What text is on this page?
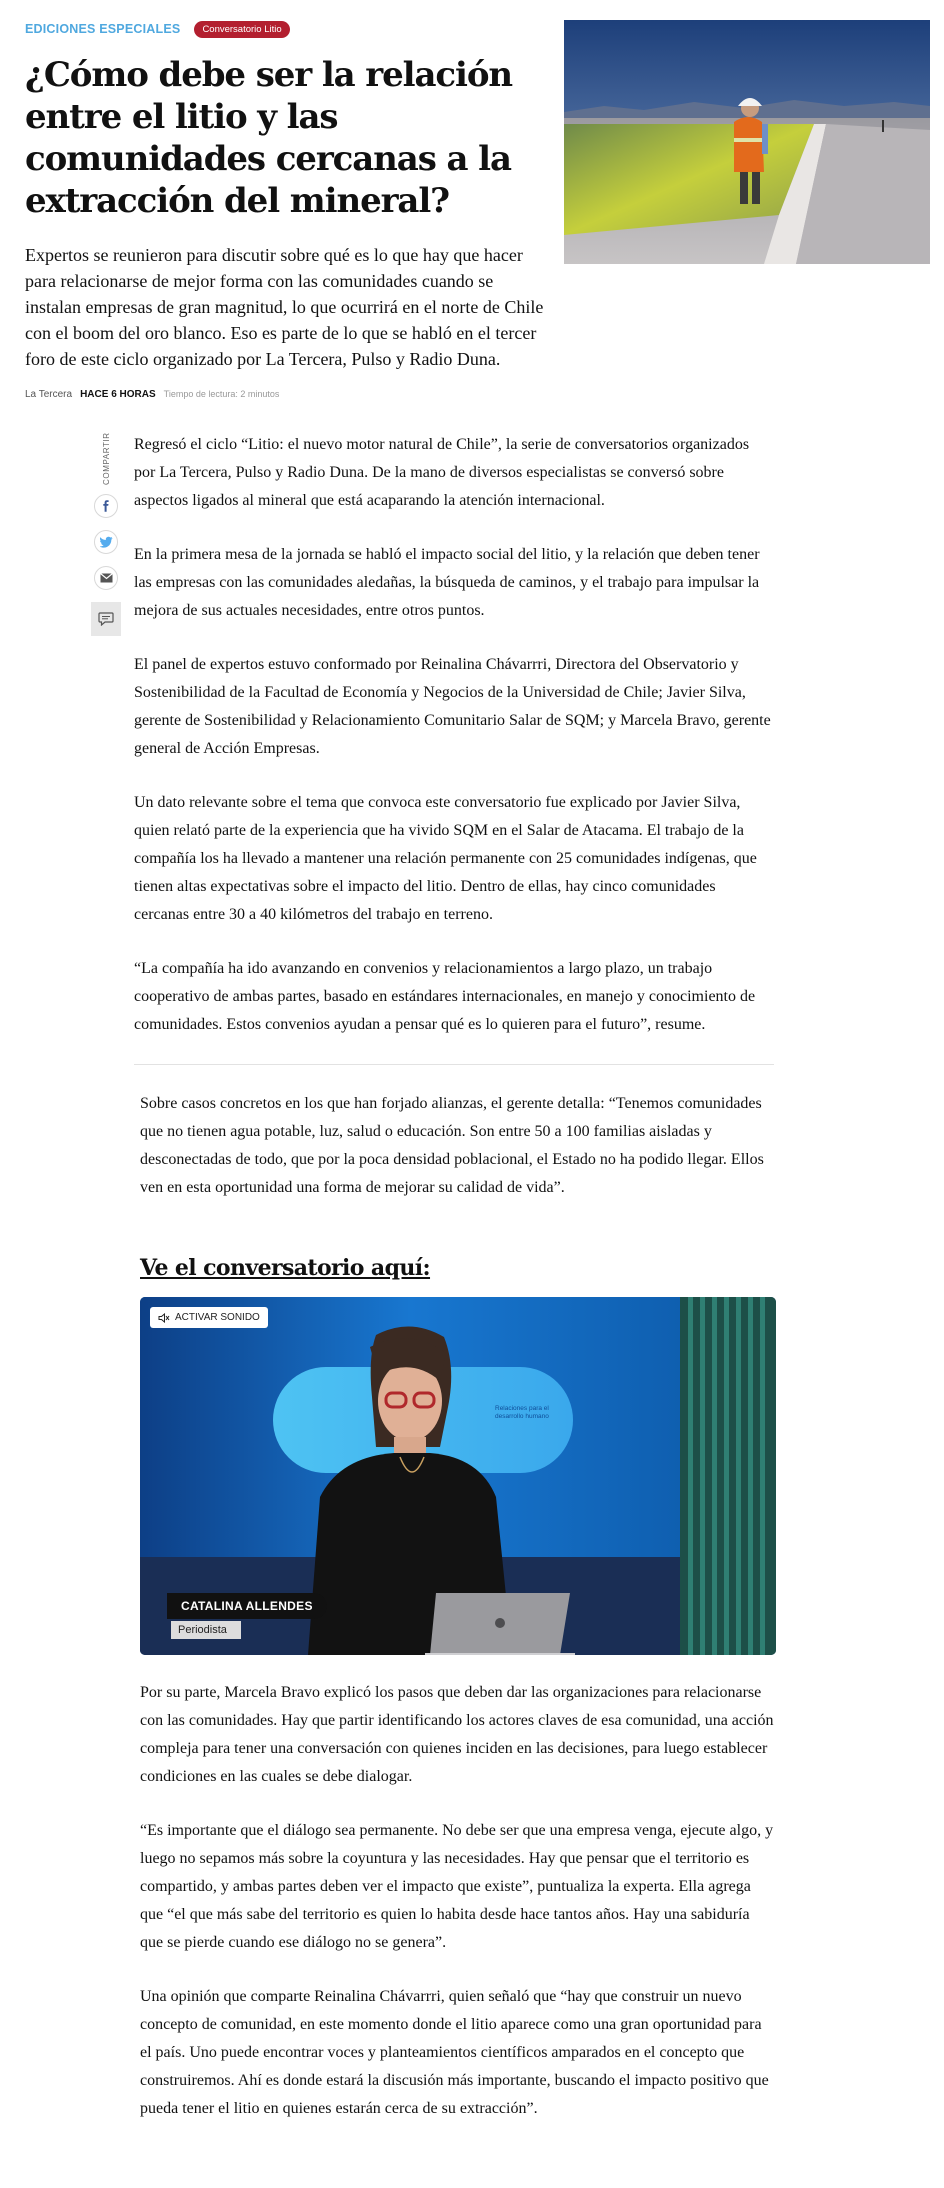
EDICIONES ESPECIALES	Conversatorio Litio
¿Cómo debe ser la relación entre el litio y las comunidades cercanas a la extracción del mineral?

Expertos se reunieron para discutir sobre qué es lo que hay que hacer para relacionarse de mejor forma con las comunidades cuando se instalan empresas de gran magnitud, lo que ocurrirá en el norte de Chile con el boom del oro blanco. Eso es parte de lo que se habló en el tercer foro de este ciclo organizado por La Tercera, Pulso y Radio Duna.

La Tercera HACE 6 HORAS Tiempo de lectura: 2 minutos
COMPARTIR Regresó el ciclo “Litio: el nuevo motor natural de Chile”, la serie de conversatorios organizados por La Tercera, Pulso y Radio Duna. De la mano de diversos especialistas se conversó sobre aspectos ligados al mineral que está acaparando la atención internacional.

En la primera mesa de la jornada se habló el impacto social del litio, y la relación que deben tener las empresas con las comunidades aledañas, la búsqueda de caminos, y el trabajo para impulsar la mejora de sus actuales necesidades, entre otros puntos.

El panel de expertos estuvo conformado por Reinalina Chávarrri, Directora del Observatorio y Sostenibilidad de la Facultad de Economía y Negocios de la Universidad de Chile; Javier Silva, gerente de Sostenibilidad y Relacionamiento Comunitario Salar de SQM; y Marcela Bravo, gerente general de Acción Empresas.

Un dato relevante sobre el tema que convoca este conversatorio fue explicado por Javier Silva, quien relató parte de la experiencia que ha vivido SQM en el Salar de Atacama. El trabajo de la compañía los ha llevado a mantener una relación permanente con 25 comunidades indígenas, que tienen altas expectativas sobre el impacto del litio. Dentro de ellas, hay cinco comunidades cercanas entre 30 a 40 kilómetros del trabajo en terreno.

“La compañía ha ido avanzando en convenios y relacionamientos a largo plazo, un trabajo cooperativo de ambas partes, basado en estándares internacionales, en manejo y conocimiento de comunidades. Estos convenios ayudan a pensar qué es lo quieren para el futuro”, resume.

Sobre casos concretos en los que han forjado alianzas, el gerente detalla: “Tenemos comunidades que no tienen agua potable, luz, salud o educación. Son entre 50 a 100 familias aisladas y desconectadas de todo, que por la poca densidad poblacional, el Estado no ha podido llegar. Ellos ven en esta oportunidad una forma de mejorar su calidad de vida”.

Ve el conversatorio aquí:
ACTIVAR SONIDO
Relaciones para el desarrollo humano
CATALINA ALLENDES
Periodista

Por su parte, Marcela Bravo explicó los pasos que deben dar las organizaciones para relacionarse con las comunidades. Hay que partir identificando los actores claves de esa comunidad, una acción compleja para tener una conversación con quienes inciden en las decisiones, para luego establecer condiciones en las cuales se debe dialogar.

“Es importante que el diálogo sea permanente. No debe ser que una empresa venga, ejecute algo, y luego no sepamos más sobre la coyuntura y las necesidades. Hay que pensar que el territorio es compartido, y ambas partes deben ver el impacto que existe”, puntualiza la experta. Ella agrega que “el que más sabe del territorio es quien lo habita desde hace tantos años. Hay una sabiduría que se pierde cuando ese diálogo no se genera”.

Una opinión que comparte Reinalina Chávarrri, quien señaló que “hay que construir un nuevo concepto de comunidad, en este momento donde el litio aparece como una gran oportunidad para el país. Uno puede encontrar voces y planteamientos científicos amparados en el concepto que construiremos. Ahí es donde estará la discusión más importante, buscando el impacto positivo que pueda tener el litio en quienes estarán cerca de su extracción”.
